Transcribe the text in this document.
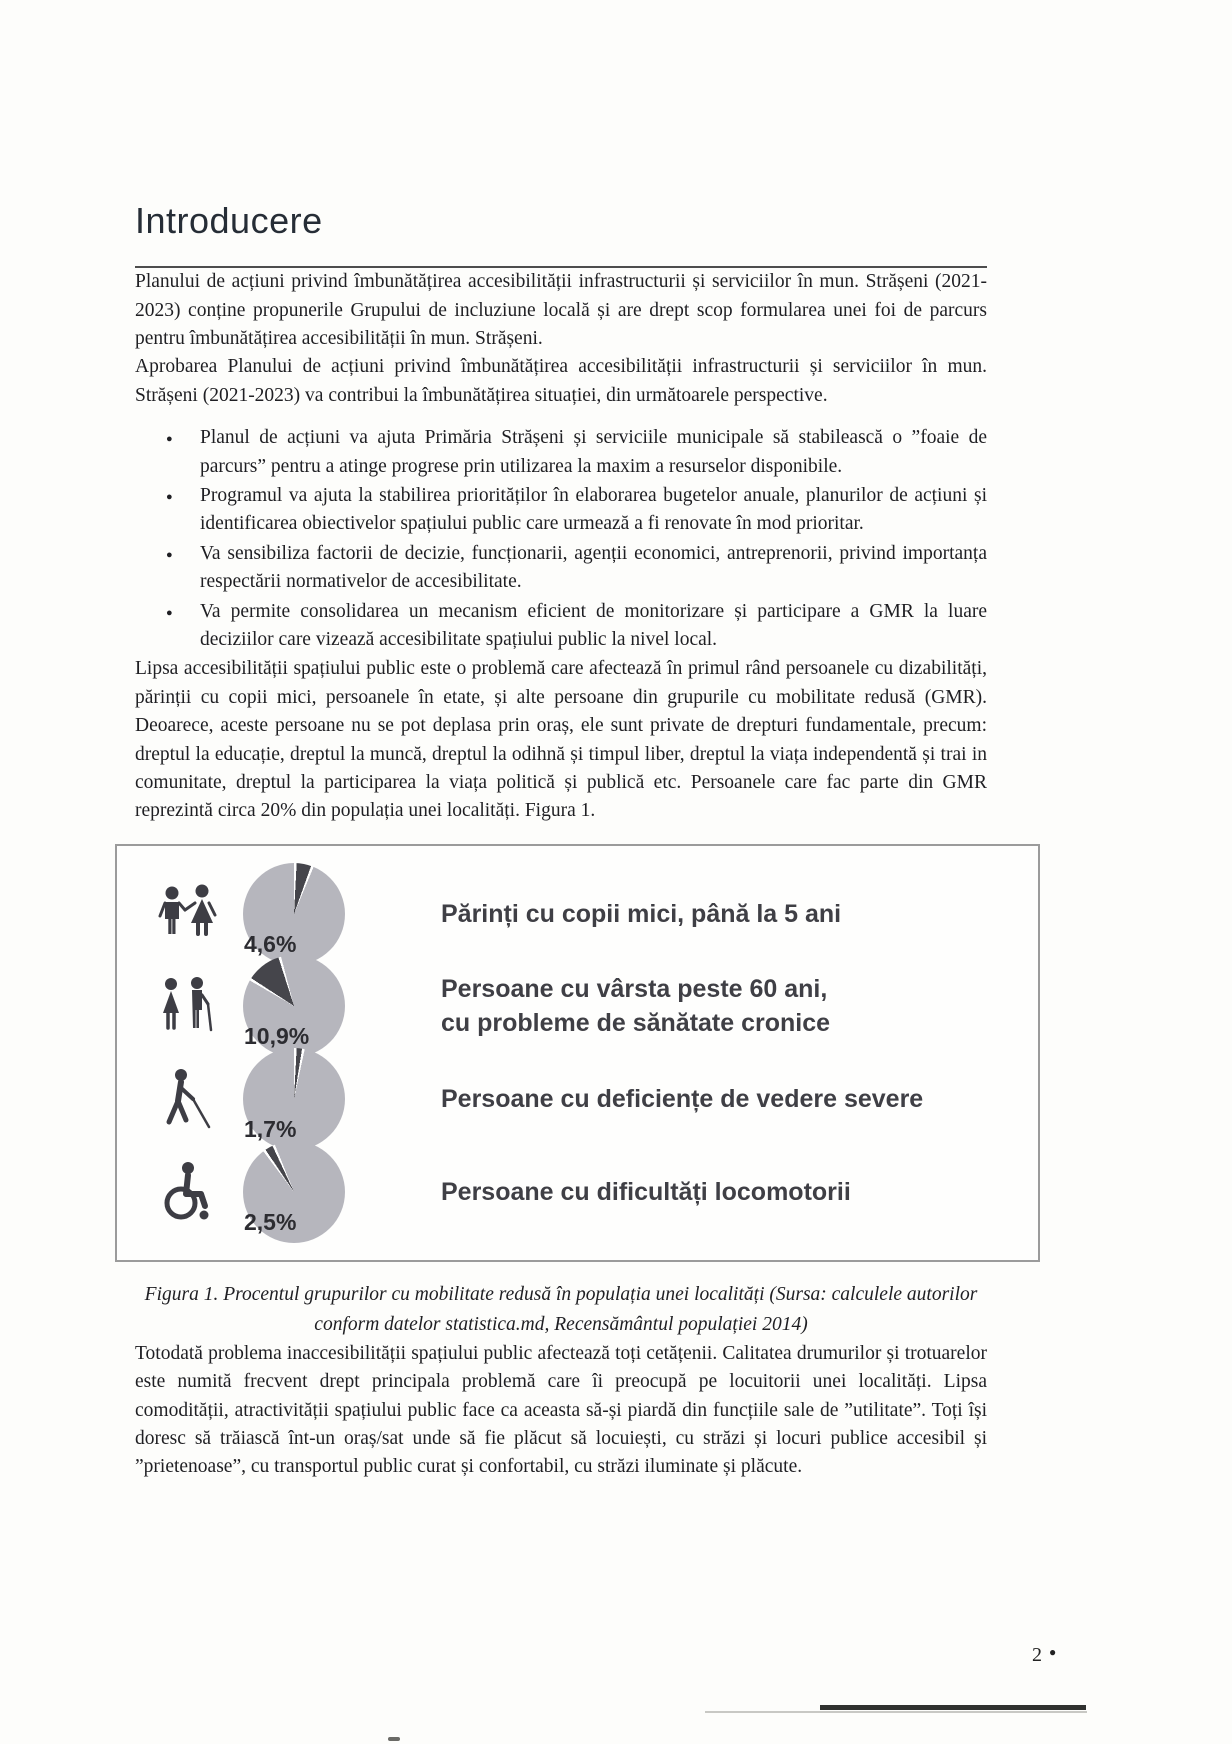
Introducere

Planului de acțiuni privind îmbunătățirea accesibilității infrastructurii și serviciilor în mun. Strășeni (2021-2023) conține propunerile Grupului de incluziune locală și are drept scop formularea unei foi de parcurs pentru îmbunătățirea accesibilității în mun. Strășeni.

Aprobarea Planului de acțiuni privind îmbunătățirea accesibilității infrastructurii și serviciilor în mun. Strășeni (2021-2023) va contribui la îmbunătățirea situației, din următoarele perspective.

● Planul de acțiuni va ajuta Primăria Strășeni și serviciile municipale să stabilească o ”foaie de parcurs” pentru a atinge progrese prin utilizarea la maxim a resurselor disponibile.
● Programul va ajuta la stabilirea priorităților în elaborarea bugetelor anuale, planurilor de acțiuni și identificarea obiectivelor spațiului public care urmează a fi renovate în mod prioritar.
● Va sensibiliza factorii de decizie, funcționarii, agenții economici, antreprenorii, privind importanța respectării normativelor de accesibilitate.
● Va permite consolidarea un mecanism eficient de monitorizare și participare a GMR la luare deciziilor care vizează accesibilitate spațiului public la nivel local.

Lipsa accesibilității spațiului public este o problemă care afectează în primul rând persoanele cu dizabilități, părinții cu copii mici, persoanele în etate, și alte persoane din grupurile cu mobilitate redusă (GMR). Deoarece, aceste persoane nu se pot deplasa prin oraș, ele sunt private de drepturi fundamentale, precum: dreptul la educație, dreptul la muncă, dreptul la odihnă și timpul liber, dreptul la viața independentă și trai in comunitate, dreptul la participarea la viața politică și publică etc. Persoanele care fac parte din GMR reprezintă circa 20% din populația unei localități. Figura 1.

4,6%
Părinți cu copii mici, până la 5 ani
10,9%
Persoane cu vârsta peste 60 ani,
cu probleme de sănătate cronice
1,7%
Persoane cu deficiențe de vedere severe
2,5%
Persoane cu dificultăți locomotorii
Figura 1. Procentul grupurilor cu mobilitate redusă în populația unei localități (Sursa: calculele autorilor
conform datelor statistica.md, Recensământul populației 2014)

Totodată problema inaccesibilității spațiului public afectează toți cetățenii. Calitatea drumurilor și trotuarelor este numită frecvent drept principala problemă care îi preocupă pe locuitorii unei localități. Lipsa comodității, atractivității spațiului public face ca aceasta să-și piardă din funcțiile sale de ”utilitate”. Toți își doresc să trăiască înt-un oraș/sat unde să fie plăcut să locuiești, cu străzi și locuri publice accesibil și ”prietenoase”, cu transportul public curat și confortabil, cu străzi iluminate și plăcute.

2 ●
